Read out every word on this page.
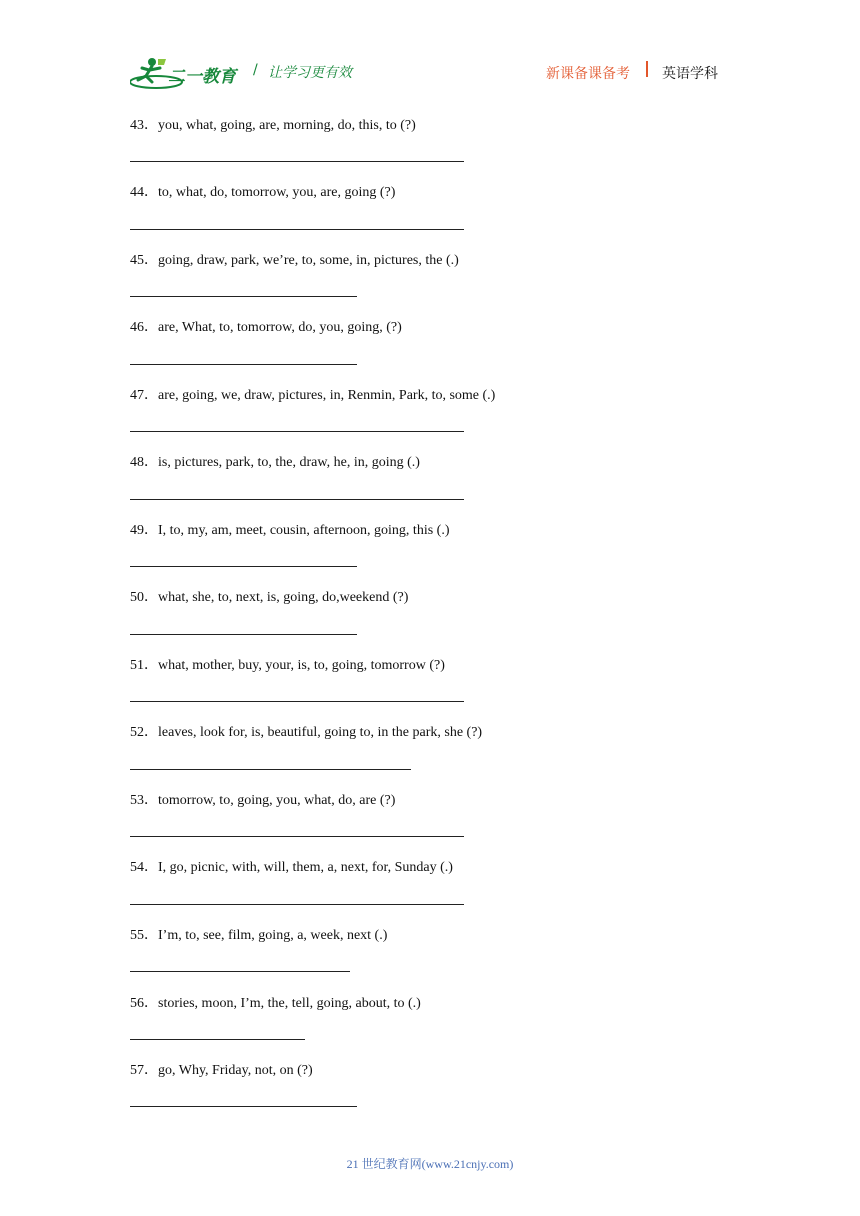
二一教育 / 让学习更有效	新课备课备考 英语学科
43．you, what, going, are, morning, do, this, to (?)
44．to, what, do, tomorrow, you, are, going (?)
45．going, draw, park, we’re, to, some, in, pictures, the (.)
46．are, What, to, tomorrow, do, you, going, (?)
47．are, going, we, draw, pictures, in, Renmin, Park, to, some (.)
48．is, pictures, park, to, the, draw, he, in, going (.)
49．I, to, my, am, meet, cousin, afternoon, going, this (.)
50．what, she, to, next, is, going, do,weekend (?)
51．what, mother, buy, your, is, to, going, tomorrow (?)
52．leaves, look for, is, beautiful, going to, in the park, she (?)
53．tomorrow, to, going, you, what, do, are (?)
54．I, go, picnic, with, will, them, a, next, for, Sunday (.)
55．I’m, to, see, film, going, a, week, next (.)
56．stories, moon, I’m, the, tell, going, about, to (.)
57．go, Why, Friday, not, on (?)
21 世纪教育网(www.21cnjy.com)
